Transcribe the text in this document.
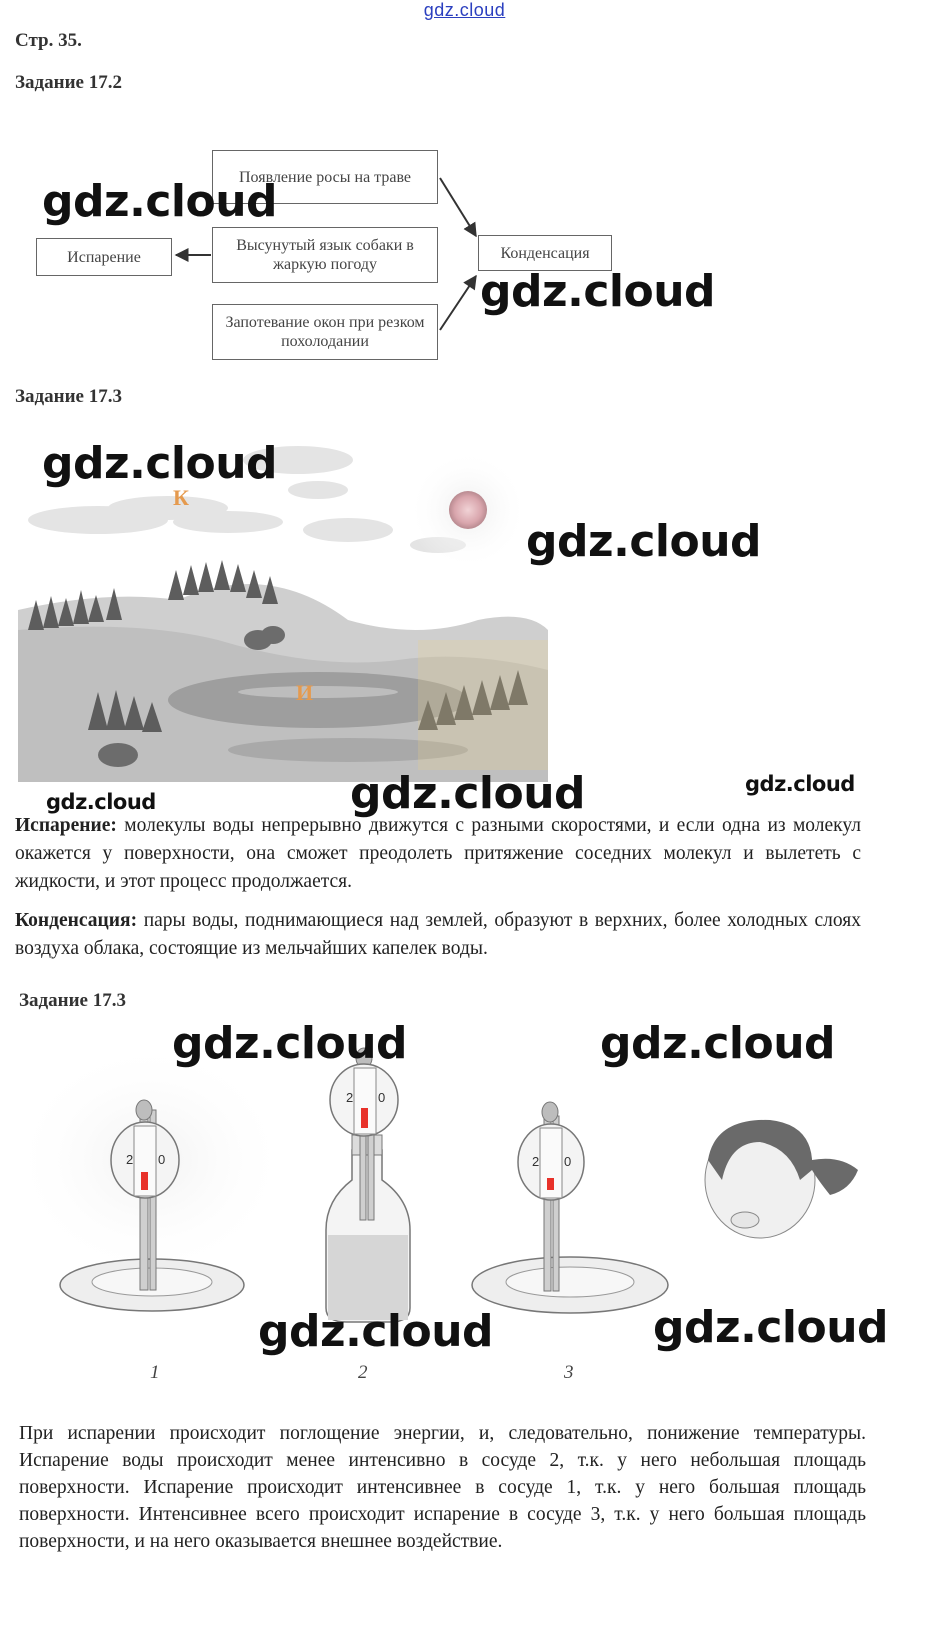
gdz.cloud
Стр. 35.
Задание 17.2
Испарение
Появление росы на траве
Высунутый язык собаки в жаркую погоду
Запотевание окон при резком похолодании
Конденсация
gdz.cloud
gdz.cloud
Задание 17.3
К
И
gdz.cloud
gdz.cloud
gdz.cloud
gdz.cloud
gdz.cloud
Испарение: молекулы воды непрерывно движутся с разными скоростями, и если одна из молекул окажется у поверхности, она сможет преодолеть притяжение соседних молекул и вылететь с жидкости, и этот процесс продолжается.
Конденсация: пары воды, поднимающиеся над землей, образуют в верхних, более холодных слоях воздуха облака, состоящие из мельчайших капелек воды.
Задание 17.3
2 0
2 0
2 0
1	2	3
gdz.cloud	gdz.cloud
gdz.cloud	gdz.cloud
При испарении происходит поглощение энергии, и, следовательно, понижение температуры. Испарение воды происходит менее интенсивно в сосуде 2, т.к. у него небольшая площадь поверхности. Испарение происходит интенсивнее в сосуде 1, т.к. у него большая площадь поверхности. Интенсивнее всего происходит испарение в сосуде 3, т.к. у него большая площадь поверхности, и на него оказывается внешнее воздействие.
